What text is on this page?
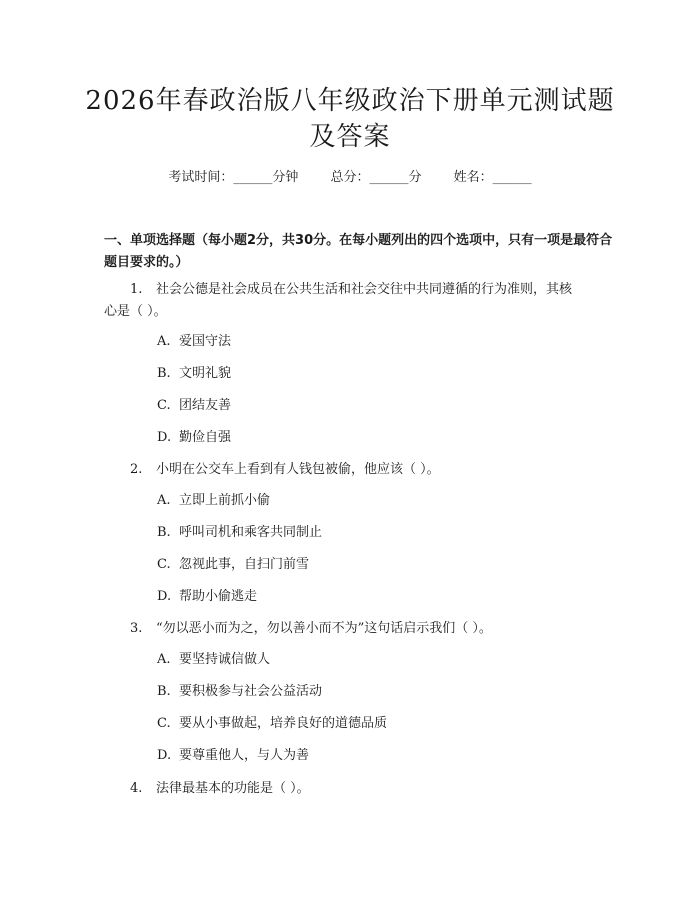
2026年春政治版八年级政治下册单元测试题
及答案
考试时间：______分钟 总分：______分 姓名：______
一、单项选择题（每小题2分，共30分。在每小题列出的四个选项中，只有一项是最符合题目要求的。）
1. 社会公德是社会成员在公共生活和社会交往中共同遵循的行为准则，其核
心是（ ）。
A. 爱国守法
B. 文明礼貌
C. 团结友善
D. 勤俭自强
2. 小明在公交车上看到有人钱包被偷，他应该（ ）。
A. 立即上前抓小偷
B. 呼叫司机和乘客共同制止
C. 忽视此事，自扫门前雪
D. 帮助小偷逃走
3. “勿以恶小而为之，勿以善小而不为”这句话启示我们（ ）。
A. 要坚持诚信做人
B. 要积极参与社会公益活动
C. 要从小事做起，培养良好的道德品质
D. 要尊重他人，与人为善
4. 法律最基本的功能是（ ）。
